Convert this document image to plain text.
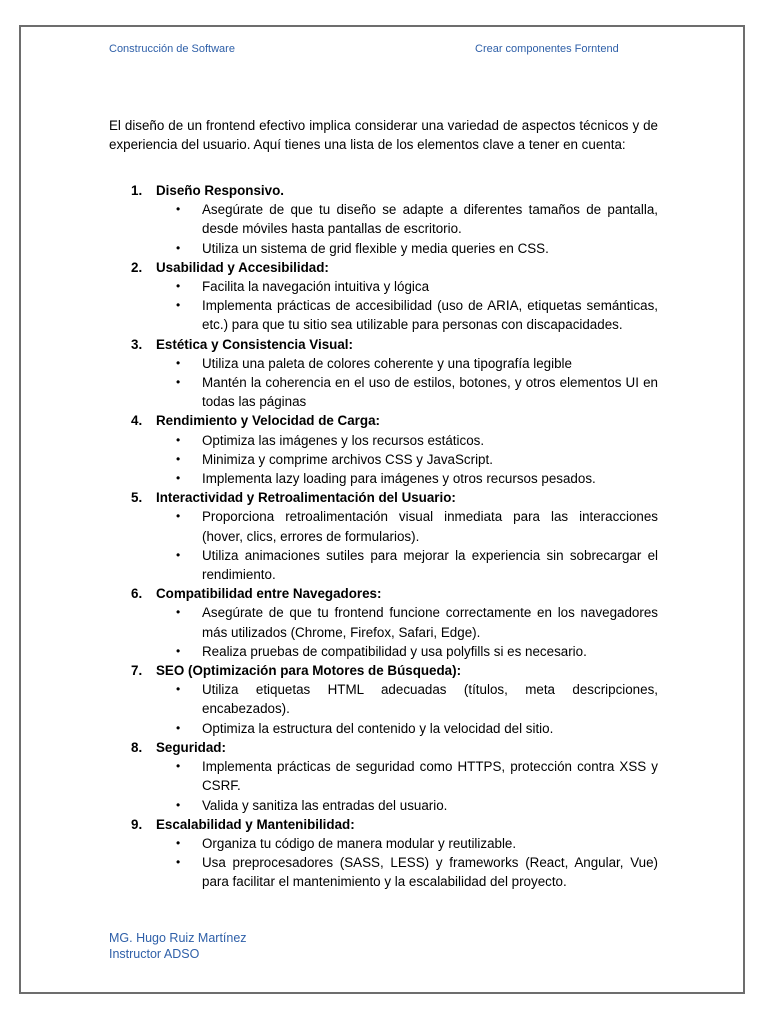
Construcción de Software	Crear componentes Forntend

El diseño de un frontend efectivo implica considerar una variedad de aspectos técnicos y de experiencia del usuario. Aquí tienes una lista de los elementos clave a tener en cuenta:

1. Diseño Responsivo.
• Asegúrate de que tu diseño se adapte a diferentes tamaños de pantalla, desde móviles hasta pantallas de escritorio.
• Utiliza un sistema de grid flexible y media queries en CSS.
2. Usabilidad y Accesibilidad:
• Facilita la navegación intuitiva y lógica
• Implementa prácticas de accesibilidad (uso de ARIA, etiquetas semánticas, etc.) para que tu sitio sea utilizable para personas con discapacidades.
3. Estética y Consistencia Visual:
• Utiliza una paleta de colores coherente y una tipografía legible
• Mantén la coherencia en el uso de estilos, botones, y otros elementos UI en todas las páginas
4. Rendimiento y Velocidad de Carga:
• Optimiza las imágenes y los recursos estáticos.
• Minimiza y comprime archivos CSS y JavaScript.
• Implementa lazy loading para imágenes y otros recursos pesados.
5. Interactividad y Retroalimentación del Usuario:
• Proporciona retroalimentación visual inmediata para las interacciones (hover, clics, errores de formularios).
• Utiliza animaciones sutiles para mejorar la experiencia sin sobrecargar el rendimiento.
6. Compatibilidad entre Navegadores:
• Asegúrate de que tu frontend funcione correctamente en los navegadores más utilizados (Chrome, Firefox, Safari, Edge).
• Realiza pruebas de compatibilidad y usa polyfills si es necesario.
7. SEO (Optimización para Motores de Búsqueda):
• Utiliza etiquetas HTML adecuadas (títulos, meta descripciones, encabezados).
• Optimiza la estructura del contenido y la velocidad del sitio.
8. Seguridad:
• Implementa prácticas de seguridad como HTTPS, protección contra XSS y CSRF.
• Valida y sanitiza las entradas del usuario.
9. Escalabilidad y Mantenibilidad:
• Organiza tu código de manera modular y reutilizable.
• Usa preprocesadores (SASS, LESS) y frameworks (React, Angular, Vue) para facilitar el mantenimiento y la escalabilidad del proyecto.
MG. Hugo Ruiz Martínez
Instructor ADSO
